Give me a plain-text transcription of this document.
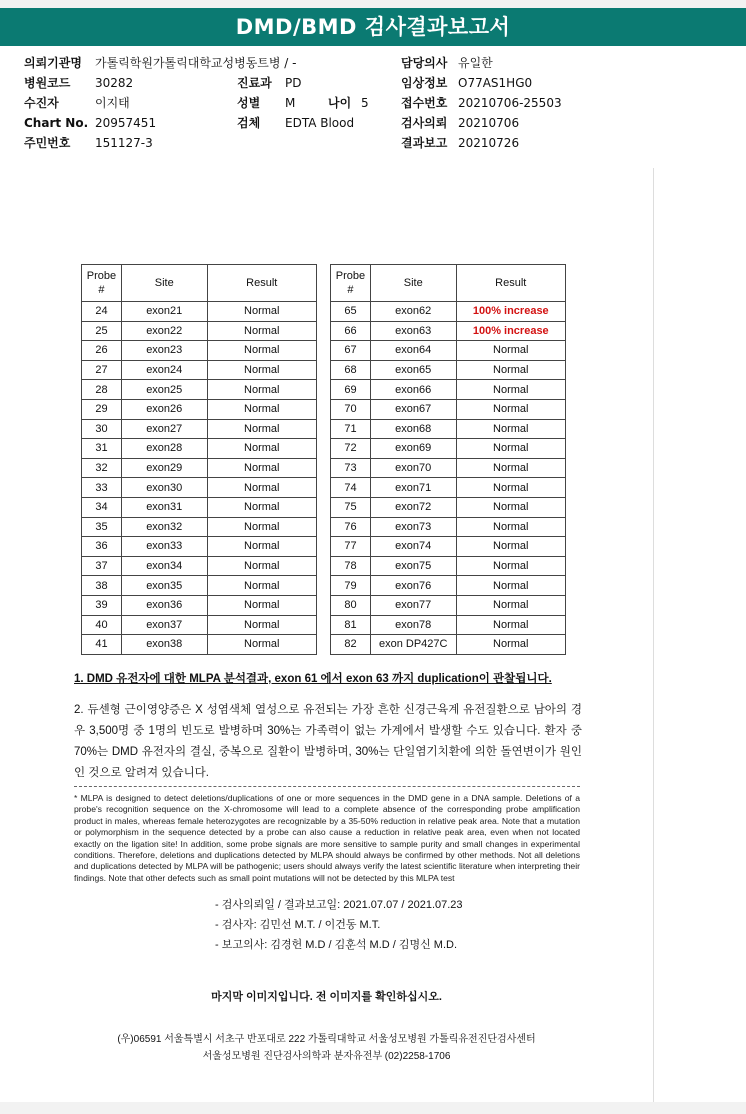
DMD/BMD 검사결과보고서
의뢰기관명 가톨릭학원가톨릭대학교성병동트병 / -	담당의사 유일한
병원코드 30282	진료과 PD	임상정보 O77AS1HG0
수진자	이지태	성별 M	나이 5	접수번호 20210706-25503
Chart No. 20957451	검체 EDTA Blood	검사의뢰 20210706
주민번호 151127-3	결과보고 20210726
Probe
#	Site	Result
24	exon21	Normal
25	exon22	Normal
26	exon23	Normal
27	exon24	Normal
28	exon25	Normal
29	exon26	Normal
30	exon27	Normal
31	exon28	Normal
32	exon29	Normal
33	exon30	Normal
34	exon31	Normal
35	exon32	Normal
36	exon33	Normal
37	exon34	Normal
38	exon35	Normal
39	exon36	Normal
40	exon37	Normal
41	exon38	Normal
Probe
#	Site	Result
65	exon62	100% increase
66	exon63	100% increase
67	exon64	Normal
68	exon65	Normal
69	exon66	Normal
70	exon67	Normal
71	exon68	Normal
72	exon69	Normal
73	exon70	Normal
74	exon71	Normal
75	exon72	Normal
76	exon73	Normal
77	exon74	Normal
78	exon75	Normal
79	exon76	Normal
80	exon77	Normal
81	exon78	Normal
82	exon DP427C	Normal
1. DMD 유전자에 대한 MLPA 분석결과, exon 61 에서 exon 63 까지 duplication이 관찰됩니다.
2. 듀센형 근이영양증은 X 성염색체 열성으로 유전되는 가장 흔한 신경근육계 유전질환으로 남아의 경우 3,500명 중 1명의 빈도로 발병하며 30%는 가족력이 없는 가계에서 발생할 수도 있습니다. 환자 중 70%는 DMD 유전자의 결실, 중복으로 질환이 발병하며, 30%는 단일염기치환에 의한 돌연변이가 원인인 것으로 알려져 있습니다.
* MLPA is designed to detect deletions/duplications of one or more sequences in the DMD gene in a DNA sample. Deletions of a probe's recognition sequence on the X-chromosome will lead to a complete absence of the corresponding probe amplification product in males, whereas female heterozygotes are recognizable by a 35-50% reduction in relative peak area. Note that a mutation or polymorphism in the sequence detected by a probe can also cause a reduction in relative peak area, even when not located exactly on the ligation site! In addition, some probe signals are more sensitive to sample purity and small changes in experimental conditions. Therefore, deletions and duplications detected by MLPA should always be confirmed by other methods. Not all deletions and duplications detected by MLPA will be pathogenic; users should always verify the latest scientific literature when interpreting their findings. Note that other defects such as small point mutations will not be detected by this MLPA test
- 검사의뢰일 / 결과보고일: 2021.07.07 / 2021.07.23
- 검사자: 김민선 M.T. / 이건동 M.T.
- 보고의사: 김경헌 M.D / 김훈석 M.D / 김명신 M.D.
마지막 이미지입니다. 전 이미지를 확인하십시오.
(우)06591 서울특별시 서초구 반포대로 222 가톨릭대학교 서울성모병원 가톨릭유전진단검사센터
서울성모병원 진단검사의학과 분자유전부 (02)2258-1706
